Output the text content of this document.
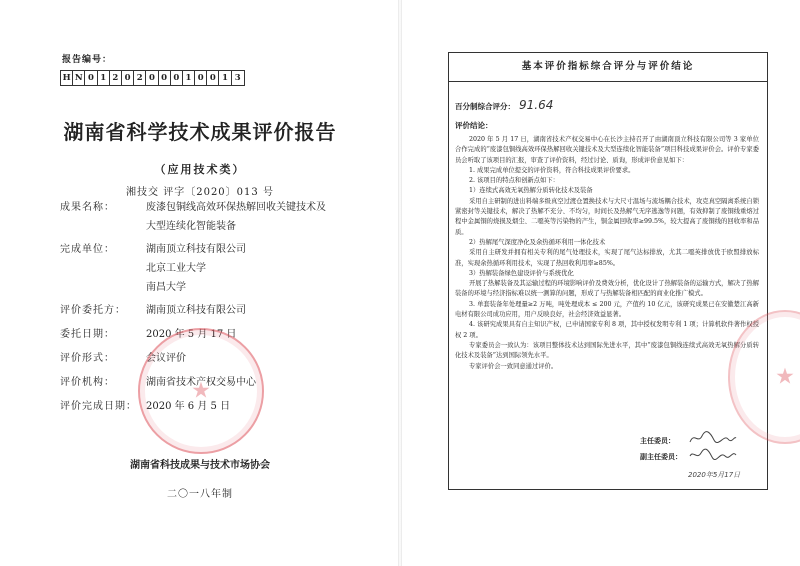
报告编号：
H N 0 1 2 0 2 0 0 0 1 0 0 1 3
湖南省科学技术成果评价报告
（应用技术类）
湘技交 评字〔2020〕013 号
成果名称：	废漆包铜线高效环保热解回收关键技术及
大型连续化智能装备
完成单位：	湖南顶立科技有限公司
北京工业大学
南昌大学
评价委托方：	湖南顶立科技有限公司
委托日期：	2020 年 5 月 17 日
评价形式：	会议评价
评价机构：	湖南省技术产权交易中心
评价完成日期： 2020 年 6 月 5 日
★
湖南省科技成果与技术市场协会
二〇一八年制
基本评价指标综合评分与评价结论
百分制综合评分： 91.64
评价结论：

2020 年 5 月 17 日，湖南省技术产权交易中心在长沙主持召开了由湖南顶立科技有限公司等 3 家单位合作完成的“废漆包铜线高效环保热解回收关键技术及大型连续化智能装备”项目科技成果评价会。评价专家委员会听取了该项目的汇报，审查了评价资料，经过讨论、质询，形成评价意见如下：

1. 成果完成单位提交的评价资料，符合科技成果评价要求。

2. 该项目的特点和创新点如下：

1）连续式高效无氧热解分质转化技术及装备

采用自主研制的进出料端多级真空过渡仓置换技术与大尺寸温场与流场耦合技术，攻克真空隔离系统自锁紧密封等关键技术，解决了热解不充分、不均匀，时间长及热解气无序逃逸等问题，有效抑制了废铜线重熔过程中金属铜的烧损及烟尘、二噁英等污染物的产生，铜金属回收率≥99.5%，较大提高了废铜线的回收率和品质。

2）热解尾气深度净化及余热循环利用一体化技术

采用自主研发并拥有相关专利的尾气处理技术，实现了尾气达标排放，尤其二噁英排放优于欧盟排放标准，实现余热循环利用技术，实现了热回收利用率≥85%。

3）热解装备绿色建设评价与系统优化

开展了热解装备及其运输过程的环境影响评价及费效分析，优化设计了热解装备的运输方式，解决了热解装备的环境与经济指标难以统一测算的问题，形成了与热解装备相匹配的商业化推广模式。

3. 单套装备年处理量≥2 万吨，吨处理成本 ≤ 200 元，产值约 10 亿元，该研究成果已在安徽楚江高新电材有限公司成功应用，用户反映良好，社会经济效益显著。

4. 该研究成果具有自主知识产权，已申请国家专利 8 项，其中授权发明专利 1 项；计算机软件著作权授权 2 项。

专家委员会一致认为：该项目整体技术达到国际先进水平，其中“废漆包铜线连续式高效无氧热解分质转化技术及装备”达到国际领先水平。

专家评价会一致同意通过评价。

主任委员：
副主任委员：
2020年5月17日
★
